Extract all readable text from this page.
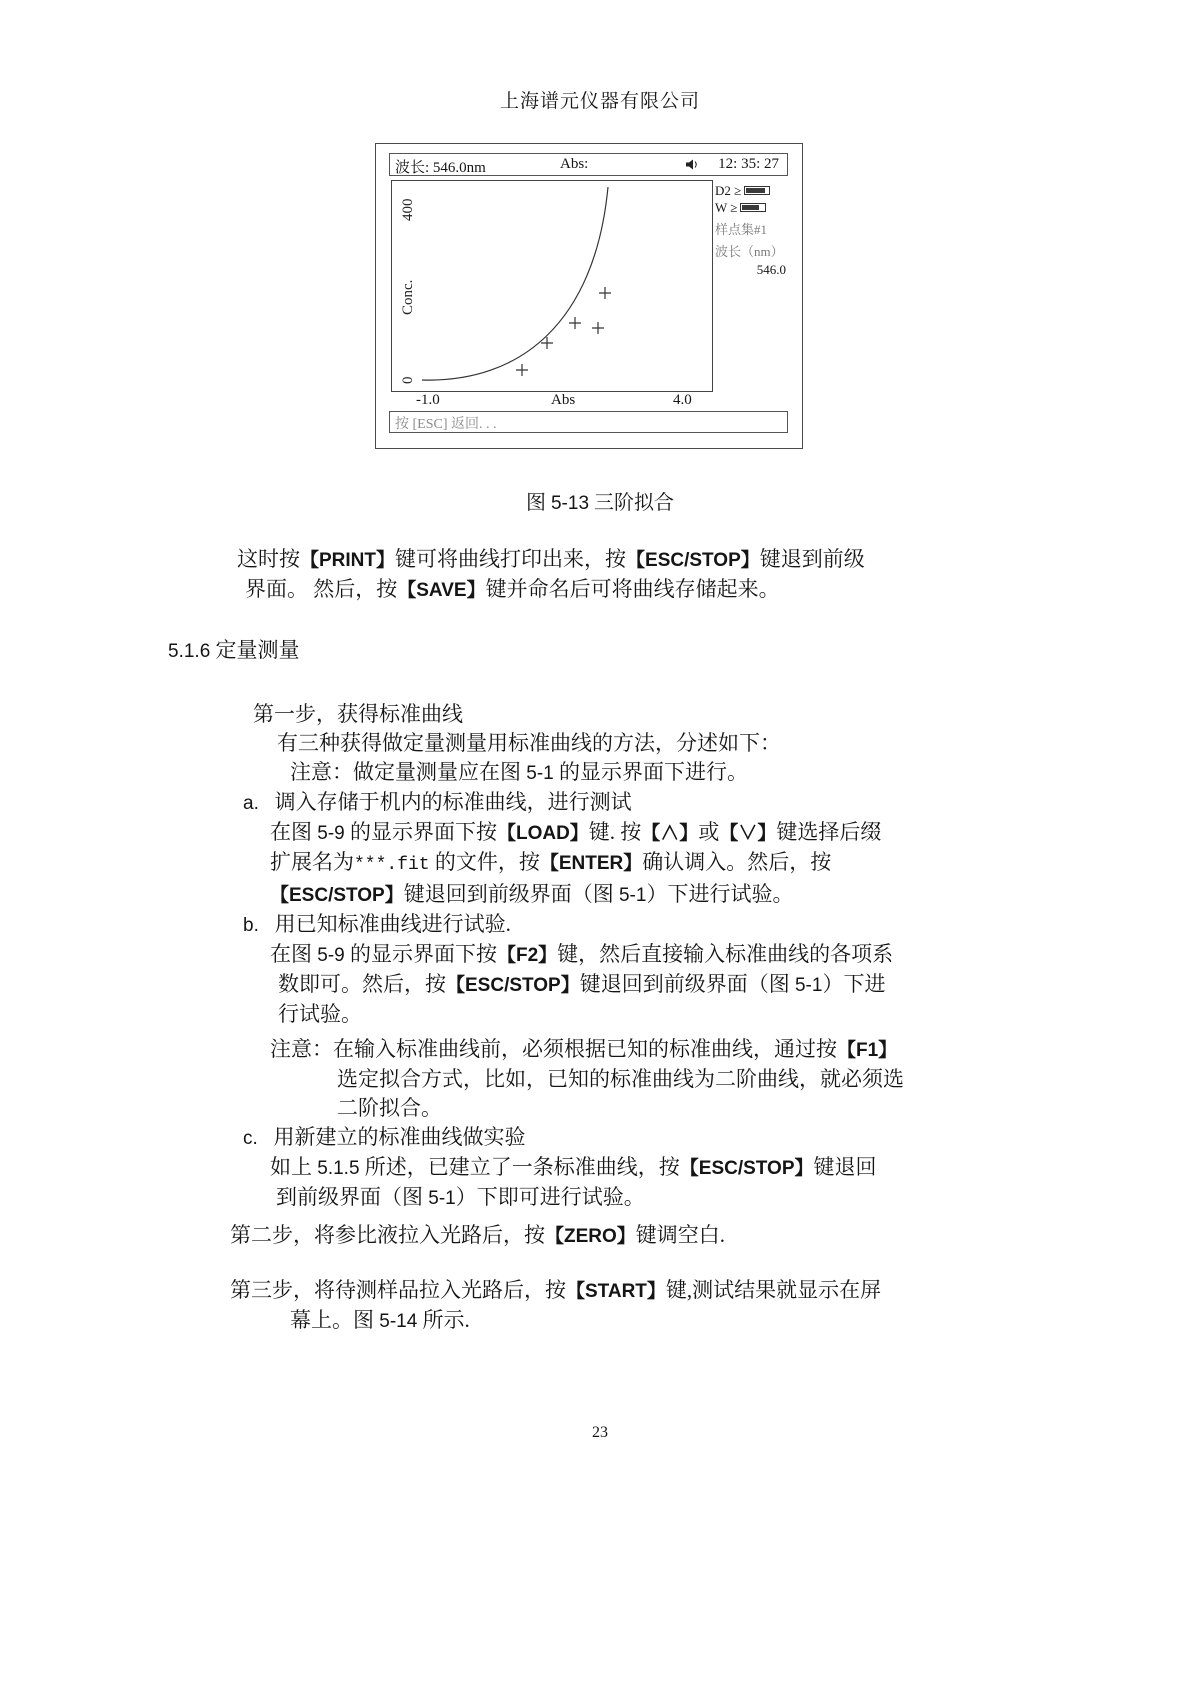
上海谱元仪器有限公司
波长: 546.0nm	Abs:	12: 35: 27
400
Conc.
0
-1.0	Abs	4.0
D2 ≥
W ≥
样点集#1
波长（nm）
546.0
按 [ESC] 返回. . .
图 5-13 三阶拟合
这时按【PRINT】键可将曲线打印出来，按【ESC/STOP】键退到前级
界面。 然后，按【SAVE】键并命名后可将曲线存储起来。
5.1.6 定量测量
第一步，获得标准曲线
有三种获得做定量测量用标准曲线的方法，分述如下：
注意：做定量测量应在图 5-1 的显示界面下进行。
a.   调入存储于机内的标准曲线，进行测试
在图 5-9 的显示界面下按【LOAD】键. 按【∧】或【∨】键选择后缀
扩展名为***.fit 的文件，按【ENTER】确认调入。然后，按
【ESC/STOP】键退回到前级界面（图 5-1）下进行试验。
b.   用已知标准曲线进行试验.
在图 5-9 的显示界面下按【F2】键，然后直接输入标准曲线的各项系
数即可。然后，按【ESC/STOP】键退回到前级界面（图 5-1）下进
行试验。
注意：在输入标准曲线前，必须根据已知的标准曲线，通过按【F1】
选定拟合方式，比如，已知的标准曲线为二阶曲线，就必须选
二阶拟合。
c.   用新建立的标准曲线做实验
如上 5.1.5 所述，已建立了一条标准曲线，按【ESC/STOP】键退回
到前级界面（图 5-1）下即可进行试验。
第二步，将参比液拉入光路后，按【ZERO】键调空白.
第三步，将待测样品拉入光路后，按【START】键,测试结果就显示在屏
幕上。图 5-14 所示.
23
